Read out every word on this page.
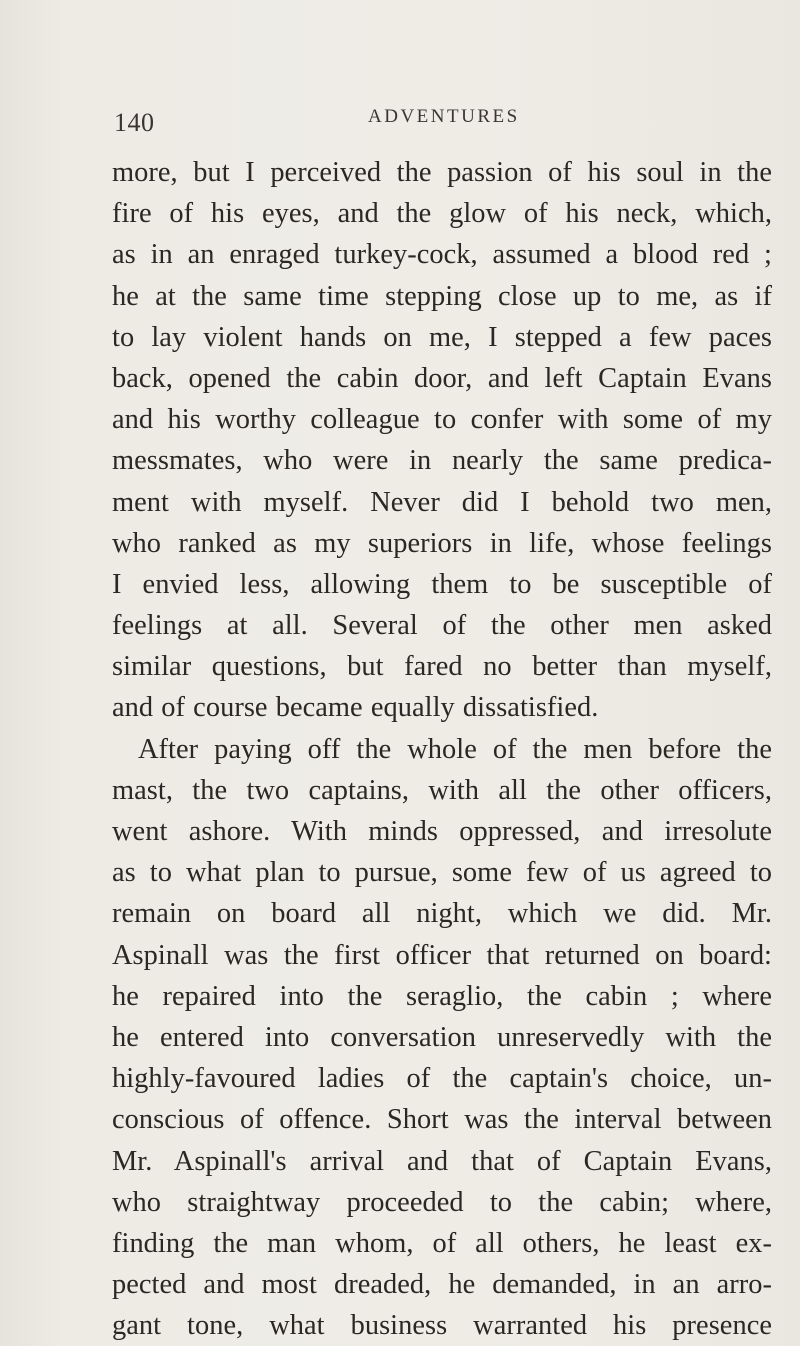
140	ADVENTURES
more, but I perceived the passion of his soul in the
fire of his eyes, and the glow of his neck, which,
as in an enraged turkey-cock, assumed a blood red ;
he at the same time stepping close up to me, as if
to lay violent hands on me, I stepped a few paces
back, opened the cabin door, and left Captain Evans
and his worthy colleague to confer with some of my
messmates, who were in nearly the same predica-
ment with myself. Never did I behold two men,
who ranked as my superiors in life, whose feelings
I envied less, allowing them to be susceptible of
feelings at all. Several of the other men asked
similar questions, but fared no better than myself,
and of course became equally dissatisfied.
After paying off the whole of the men before the
mast, the two captains, with all the other officers,
went ashore. With minds oppressed, and irresolute
as to what plan to pursue, some few of us agreed to
remain on board all night, which we did. Mr.
Aspinall was the first officer that returned on board:
he repaired into the seraglio, the cabin ; where
he entered into conversation unreservedly with the
highly-favoured ladies of the captain's choice, un-
conscious of offence. Short was the interval between
Mr. Aspinall's arrival and that of Captain Evans,
who straightway proceeded to the cabin; where,
finding the man whom, of all others, he least ex-
pected and most dreaded, he demanded, in an arro-
gant tone, what business warranted his presence
